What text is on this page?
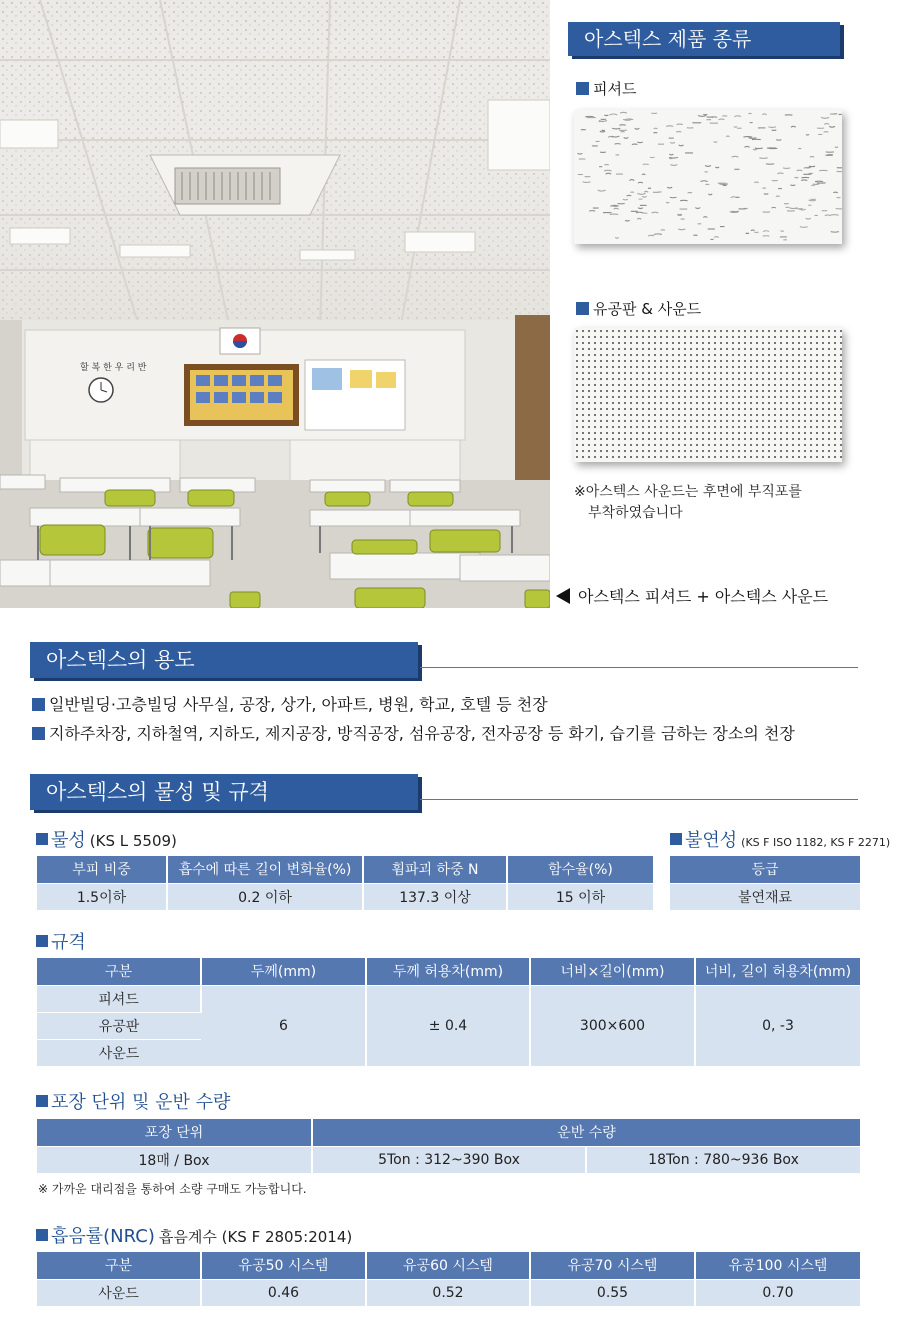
할 복 한 우 리 반
아스텍스 제품 종류
피셔드
유공판 & 사운드
※아스텍스 사운드는 후면에 부직포를
부착하였습니다
아스텍스 피셔드 + 아스텍스 사운드
아스텍스의 용도
일반빌딩·고층빌딩 사무실, 공장, 상가, 아파트, 병원, 학교, 호텔 등 천장
지하주차장, 지하철역, 지하도, 제지공장, 방직공장, 섬유공장, 전자공장 등 화기, 습기를 금하는 장소의 천장
아스텍스의 물성 및 규격
물성 (KS L 5509)
부피 비중	흡수에 따른 길이 변화율(%)	휨파괴 하중 N	함수율(%)
1.5이하	0.2 이하	137.3 이상	15 이하
불연성 (KS F ISO 1182, KS F 2271)
등급
불연재료
규격
구분	두께(mm)	두께 허용차(mm)	너비×길이(mm)	너비, 길이 허용차(mm)
피셔드	6	± 0.4	300×600	0, -3
유공판				
사운드				
포장 단위 및 운반 수량
포장 단위	운반 수량	
18매 / Box	5Ton : 312~390 Box	18Ton : 780~936 Box
※ 가까운 대리점을 통하여 소량 구매도 가능합니다.
흡음률(NRC) 흡음계수 (KS F 2805:2014)
구분	유공50 시스템	유공60 시스템	유공70 시스템	유공100 시스템
사운드	0.46	0.52	0.55	0.70
